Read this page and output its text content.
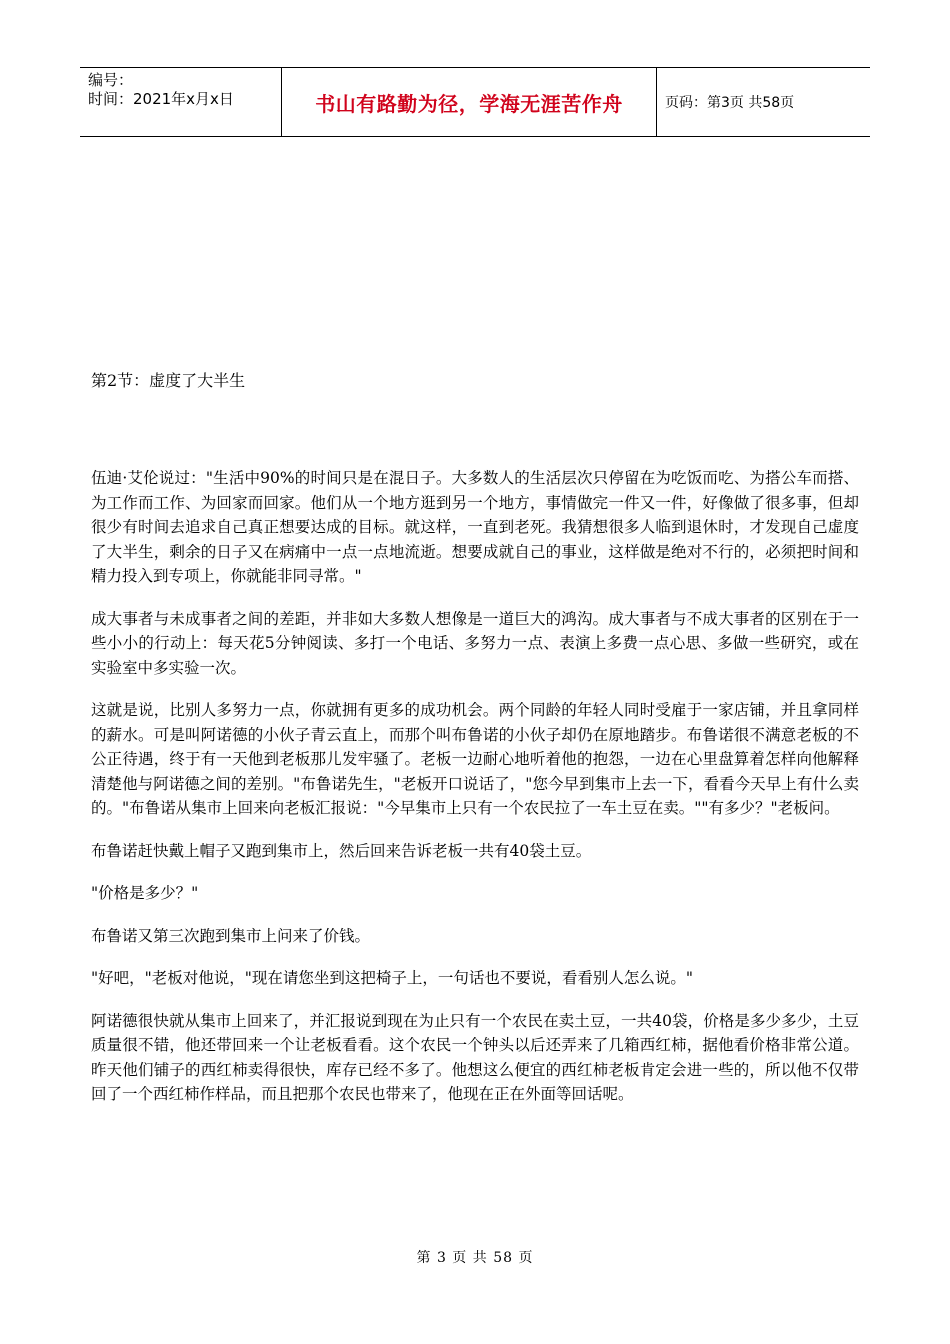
编号：
时间：2021年x月x日	书山有路勤为径，学海无涯苦作舟	页码：第3页 共58页
第2节：虚度了大半生

伍迪·艾伦说过："生活中90%的时间只是在混日子。大多数人的生活层次只停留在为吃饭而吃、为搭公车而搭、为工作而工作、为回家而回家。他们从一个地方逛到另一个地方，事情做完一件又一件，好像做了很多事，但却很少有时间去追求自己真正想要达成的目标。就这样，一直到老死。我猜想很多人临到退休时，才发现自己虚度了大半生，剩余的日子又在病痛中一点一点地流逝。想要成就自己的事业，这样做是绝对不行的，必须把时间和精力投入到专项上，你就能非同寻常。"

成大事者与未成事者之间的差距，并非如大多数人想像是一道巨大的鸿沟。成大事者与不成大事者的区别在于一些小小的行动上：每天花5分钟阅读、多打一个电话、多努力一点、表演上多费一点心思、多做一些研究，或在实验室中多实验一次。

这就是说，比别人多努力一点，你就拥有更多的成功机会。两个同龄的年轻人同时受雇于一家店铺，并且拿同样的薪水。可是叫阿诺德的小伙子青云直上，而那个叫布鲁诺的小伙子却仍在原地踏步。布鲁诺很不满意老板的不公正待遇，终于有一天他到老板那儿发牢骚了。老板一边耐心地听着他的抱怨，一边在心里盘算着怎样向他解释清楚他与阿诺德之间的差别。"布鲁诺先生，"老板开口说话了，"您今早到集市上去一下，看看今天早上有什么卖的。"布鲁诺从集市上回来向老板汇报说："今早集市上只有一个农民拉了一车土豆在卖。""有多少？"老板问。

布鲁诺赶快戴上帽子又跑到集市上，然后回来告诉老板一共有40袋土豆。

"价格是多少？"

布鲁诺又第三次跑到集市上问来了价钱。

"好吧，"老板对他说，"现在请您坐到这把椅子上，一句话也不要说，看看别人怎么说。"

阿诺德很快就从集市上回来了，并汇报说到现在为止只有一个农民在卖土豆，一共40袋，价格是多少多少，土豆质量很不错，他还带回来一个让老板看看。这个农民一个钟头以后还弄来了几箱西红柿，据他看价格非常公道。昨天他们铺子的西红柿卖得很快，库存已经不多了。他想这么便宜的西红柿老板肯定会进一些的，所以他不仅带回了一个西红柿作样品，而且把那个农民也带来了，他现在正在外面等回话呢。

第 3 页 共 58 页
